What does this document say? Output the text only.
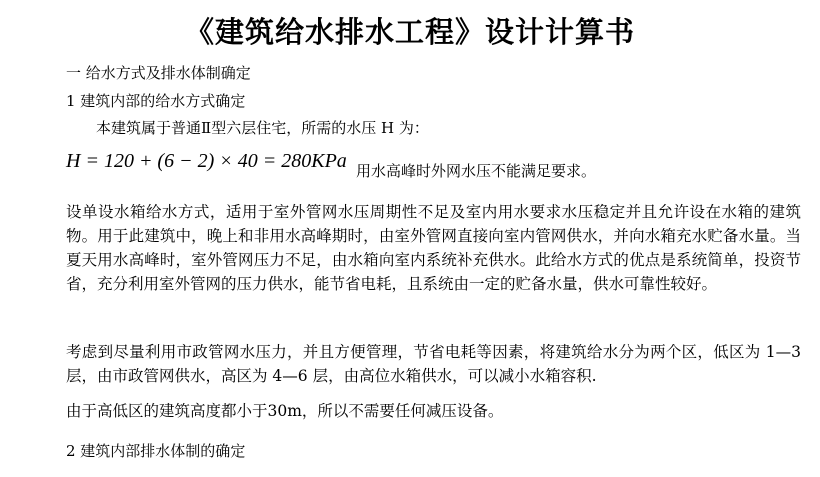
《建筑给水排水工程》设计计算书
一 给水方式及排水体制确定
1 建筑内部的给水方式确定
本建筑属于普通Ⅱ型六层住宅，所需的水压 H 为：
H = 120 + (6 − 2) × 40 = 280KPa 用水高峰时外网水压不能满足要求。
设单设水箱给水方式，适用于室外管网水压周期性不足及室内用水要求水压稳定并且允许设在水箱的建筑物。用于此建筑中，晚上和非用水高峰期时，由室外管网直接向室内管网供水，并向水箱充水贮备水量。当夏天用水高峰时，室外管网压力不足，由水箱向室内系统补充供水。此给水方式的优点是系统简单，投资节省，充分利用室外管网的压力供水，能节省电耗，且系统由一定的贮备水量，供水可靠性较好。
考虑到尽量利用市政管网水压力，并且方便管理，节省电耗等因素，将建筑给水分为两个区，低区为 1—3 层，由市政管网供水，高区为 4—6 层，由高位水箱供水，可以减小水箱容积.
由于高低区的建筑高度都小于30m，所以不需要任何减压设备。
2 建筑内部排水体制的确定
